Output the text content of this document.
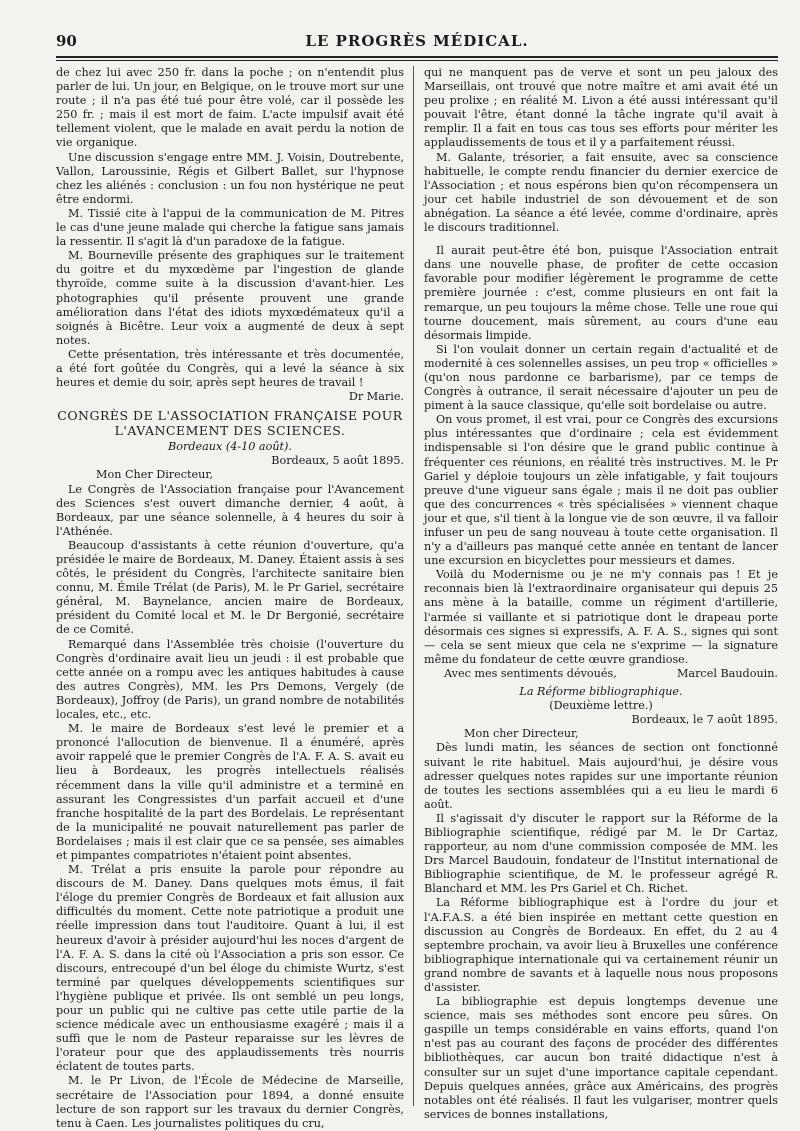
90	LE PROGRÈS MÉDICAL.

de chez lui avec 250 fr. dans la poche ; on n'entendit plus parler de lui. Un jour, en Belgique, on le trouve mort sur une route ; il n'a pas été tué pour être volé, car il possède les 250 fr. ; mais il est mort de faim. L'acte impulsif avait été tellement violent, que le malade en avait perdu la notion de vie organique.

Une discussion s'engage entre MM. J. Voisin, Doutrebente, Vallon, Laroussinie, Régis et Gilbert Ballet, sur l'hypnose chez les aliénés : conclusion : un fou non hystérique ne peut être endormi.

M. Tissié cite à l'appui de la communication de M. Pitres le cas d'une jeune malade qui cherche la fatigue sans jamais la ressentir. Il s'agit là d'un paradoxe de la fatigue.

M. Bourneville présente des graphiques sur le traitement du goitre et du myxœdème par l'ingestion de glande thyroïde, comme suite à la discussion d'avant-hier. Les photographies qu'il présente prouvent une grande amélioration dans l'état des idiots myxœdémateux qu'il a soignés à Bicêtre. Leur voix a augmenté de deux à sept notes.

Cette présentation, très intéressante et très documentée, a été fort goûtée du Congrès, qui a levé la séance à six heures et demie du soir, après sept heures de travail !

Dr Marie.

CONGRÈS DE L'ASSOCIATION FRANÇAISE POUR L'AVANCEMENT DES SCIENCES.
Bordeaux (4-10 août).

Bordeaux, 5 août 1895.

Mon Cher Directeur,

Le Congrès de l'Association française pour l'Avancement des Sciences s'est ouvert dimanche dernier, 4 août, à Bordeaux, par une séance solennelle, à 4 heures du soir à l'Athénée.

Beaucoup d'assistants à cette réunion d'ouverture, qu'a présidée le maire de Bordeaux, M. Daney. Étaient assis à ses côtés, le président du Congrès, l'architecte sanitaire bien connu, M. Émile Trélat (de Paris), M. le Pr Gariel, secrétaire général, M. Baynelance, ancien maire de Bordeaux, président du Comité local et M. le Dr Bergonié, secrétaire de ce Comité.

Remarqué dans l'Assemblée très choisie (l'ouverture du Congrès d'ordinaire avait lieu un jeudi : il est probable que cette année on a rompu avec les antiques habitudes à cause des autres Congrès), MM. les Prs Demons, Vergely (de Bordeaux), Joffroy (de Paris), un grand nombre de notabilités locales, etc., etc.

M. le maire de Bordeaux s'est levé le premier et a prononcé l'allocution de bienvenue. Il a énuméré, après avoir rappelé que le premier Congrès de l'A. F. A. S. avait eu lieu à Bordeaux, les progrès intellectuels réalisés récemment dans la ville qu'il administre et a terminé en assurant les Congressistes d'un parfait accueil et d'une franche hospitalité de la part des Bordelais. Le représentant de la municipalité ne pouvait naturellement pas parler de Bordelaises ; mais il est clair que ce sa pensée, ses aimables et pimpantes compatriotes n'étaient point absentes.

M. Trélat a pris ensuite la parole pour répondre au discours de M. Daney. Dans quelques mots émus, il fait l'éloge du premier Congrès de Bordeaux et fait allusion aux difficultés du moment. Cette note patriotique a produit une réelle impression dans tout l'auditoire. Quant à lui, il est heureux d'avoir à présider aujourd'hui les noces d'argent de l'A. F. A. S. dans la cité où l'Association a pris son essor. Ce discours, entrecoupé d'un bel éloge du chimiste Wurtz, s'est terminé par quelques développements scientifiques sur l'hygiène publique et privée. Ils ont semblé un peu longs, pour un public qui ne cultive pas cette utile partie de la science médicale avec un enthousiasme exagéré ; mais il a suffi que le nom de Pasteur reparaisse sur les lèvres de l'orateur pour que des applaudissements très nourris éclatent de toutes parts.

M. le Pr Livon, de l'École de Médecine de Marseille, secrétaire de l'Association pour 1894, a donné ensuite lecture de son rapport sur les travaux du dernier Congrès, tenu à Caen. Les journalistes politiques du cru,

qui ne manquent pas de verve et sont un peu jaloux des Marseillais, ont trouvé que notre maître et ami avait été un peu prolixe ; en réalité M. Livon a été aussi intéressant qu'il pouvait l'être, étant donné la tâche ingrate qu'il avait à remplir. Il a fait en tous cas tous ses efforts pour mériter les applaudissements de tous et il y a parfaitement réussi.

M. Galante, trésorier, a fait ensuite, avec sa conscience habituelle, le compte rendu financier du dernier exercice de l'Association ; et nous espérons bien qu'on récompensera un jour cet habile industriel de son dévouement et de son abnégation. La séance a été levée, comme d'ordinaire, après le discours traditionnel.

Il aurait peut-être été bon, puisque l'Association entrait dans une nouvelle phase, de profiter de cette occasion favorable pour modifier légèrement le programme de cette première journée : c'est, comme plusieurs en ont fait la remarque, un peu toujours la même chose. Telle une roue qui tourne doucement, mais sûrement, au cours d'une eau désormais limpide.

Si l'on voulait donner un certain regain d'actualité et de modernité à ces solennelles assises, un peu trop « officielles » (qu'on nous pardonne ce barbarisme), par ce temps de Congrès à outrance, il serait nécessaire d'ajouter un peu de piment à la sauce classique, qu'elle soit bordelaise ou autre.

On vous promet, il est vrai, pour ce Congrès des excursions plus intéressantes que d'ordinaire ; cela est évidemment indispensable si l'on désire que le grand public continue à fréquenter ces réunions, en réalité très instructives. M. le Pr Gariel y déploie toujours un zèle infatigable, y fait toujours preuve d'une vigueur sans égale ; mais il ne doit pas oublier que des concurrences « très spécialisées » viennent chaque jour et que, s'il tient à la longue vie de son œuvre, il va falloir infuser un peu de sang nouveau à toute cette organisation. Il n'y a d'ailleurs pas manqué cette année en tentant de lancer une excursion en bicyclettes pour messieurs et dames.

Voilà du Modernisme ou je ne m'y connais pas ! Et je reconnais bien là l'extraordinaire organisateur qui depuis 25 ans mène à la bataille, comme un régiment d'artillerie, l'armée si vaillante et si patriotique dont le drapeau porte désormais ces signes si expressifs, A. F. A. S., signes qui sont — cela se sent mieux que cela ne s'exprime — la signature même du fondateur de cette œuvre grandiose.

Avec mes sentiments dévoués,	Marcel Baudouin.

La Réforme bibliographique.
(Deuxième lettre.)

Bordeaux, le 7 août 1895.

Mon cher Directeur,

Dès lundi matin, les séances de section ont fonctionné suivant le rite habituel. Mais aujourd'hui, je désire vous adresser quelques notes rapides sur une importante réunion de toutes les sections assemblées qui a eu lieu le mardi 6 août.

Il s'agissait d'y discuter le rapport sur la Réforme de la Bibliographie scientifique, rédigé par M. le Dr Cartaz, rapporteur, au nom d'une commission composée de MM. les Drs Marcel Baudouin, fondateur de l'Institut international de Bibliographie scientifique, de M. le professeur agrégé R. Blanchard et MM. les Prs Gariel et Ch. Richet.

La Réforme bibliographique est à l'ordre du jour et l'A.F.A.S. a été bien inspirée en mettant cette question en discussion au Congrès de Bordeaux. En effet, du 2 au 4 septembre prochain, va avoir lieu à Bruxelles une conférence bibliographique internationale qui va certainement réunir un grand nombre de savants et à laquelle nous nous proposons d'assister.

La bibliographie est depuis longtemps devenue une science, mais ses méthodes sont encore peu sûres. On gaspille un temps considérable en vains efforts, quand l'on n'est pas au courant des façons de procéder des différentes bibliothèques, car aucun bon traité didactique n'est à consulter sur un sujet d'une importance capitale cependant. Depuis quelques années, grâce aux Américains, des progrès notables ont été réalisés. Il faut les vulgariser, montrer quels services de bonnes installations,
